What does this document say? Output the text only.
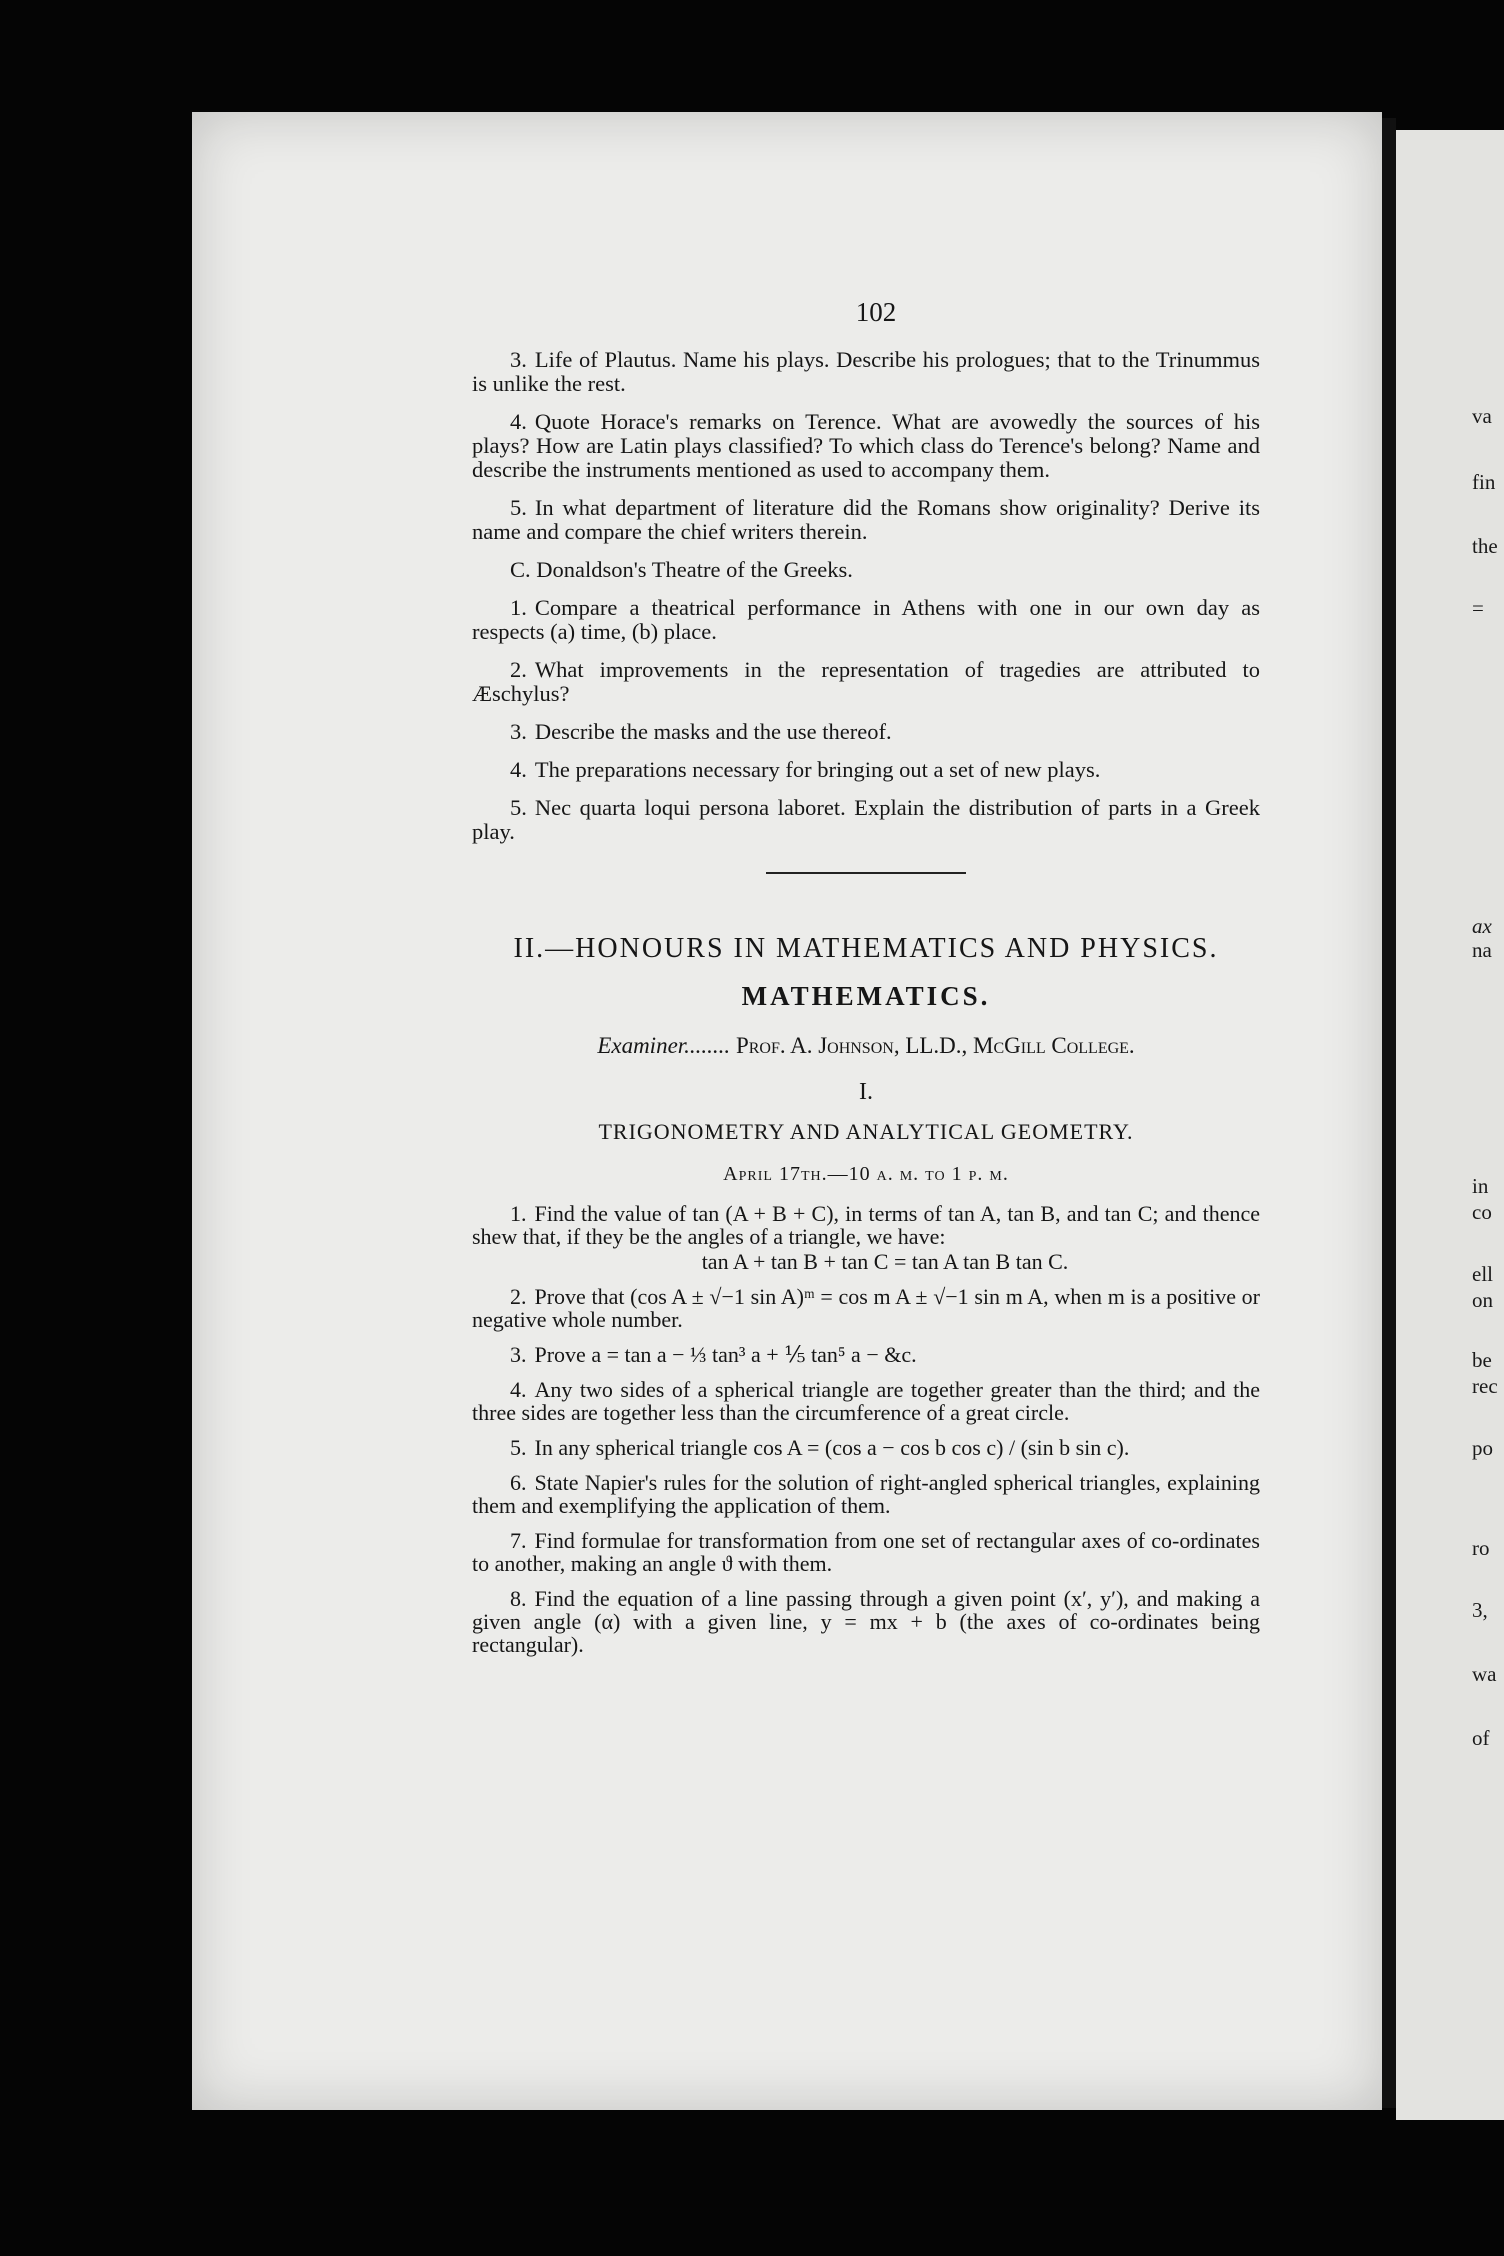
va
fin
the
=
ax
na
in
co
ell
on
be
rec
po
ro
3,
wa
of
102

3. Life of Plautus. Name his plays. Describe his prologues; that to the Trinummus is unlike the rest.

4. Quote Horace's remarks on Terence. What are avowedly the sources of his plays? How are Latin plays classified? To which class do Terence's belong? Name and describe the instruments mentioned as used to accompany them.

5. In what department of literature did the Romans show originality? Derive its name and compare the chief writers therein.

C. Donaldson's Theatre of the Greeks.

1. Compare a theatrical performance in Athens with one in our own day as respects (a) time, (b) place.

2. What improvements in the representation of tragedies are attributed to Æschylus?

3. Describe the masks and the use thereof.

4. The preparations necessary for bringing out a set of new plays.

5. Nec quarta loqui persona laboret. Explain the distribution of parts in a Greek play.

II.—HONOURS IN MATHEMATICS AND PHYSICS.
MATHEMATICS.
Examiner........ Prof. A. Johnson, LL.D., McGill College.
I.
TRIGONOMETRY AND ANALYTICAL GEOMETRY.
April 17th.—10 a. m. to 1 p. m.

1. Find the value of tan (A + B + C), in terms of tan A, tan B, and tan C; and thence shew that, if they be the angles of a triangle, we have:
tan A + tan B + tan C = tan A tan B tan C.

2. Prove that (cos A ± √−1 sin A)ᵐ = cos m A ± √−1 sin m A, when m is a positive or negative whole number.

3. Prove a = tan a − ⅓ tan³ a + ⅕ tan⁵ a − &c.

4. Any two sides of a spherical triangle are together greater than the third; and the three sides are together less than the circumference of a great circle.

5. In any spherical triangle cos A = (cos a − cos b cos c) / (sin b sin c).

6. State Napier's rules for the solution of right-angled spherical triangles, explaining them and exemplifying the application of them.

7. Find formulae for transformation from one set of rectangular axes of co-ordinates to another, making an angle ϑ with them.

8. Find the equation of a line passing through a given point (x′, y′), and making a given angle (α) with a given line, y = mx + b (the axes of co-ordinates being rectangular).
